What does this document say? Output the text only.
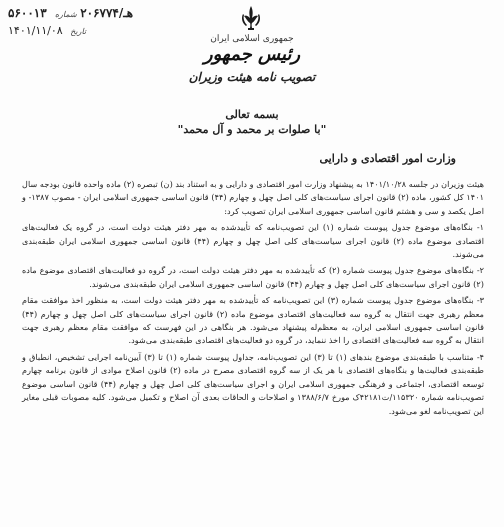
۵۶۰۰۱۳ هـ/۲۰۶۷۷۴ شماره
۱۴۰۱/۱۱/۰۸ تاریخ
جمهوری اسلامی ایران
رئیس جمهور
تصویب نامه هیئت وزیران
بسمه تعالی
"با صلوات بر محمد و آل محمد"
وزارت امور اقتصادی و دارایی

هیئت وزیران در جلسه ۱۴۰۱/۱۰/۲۸ به پیشنهاد وزارت امور اقتصادی و دارایی و به استناد بند (ن) تبصره (۲) ماده واحده قانون بودجه سال ۱۴۰۱ کل کشور، ماده (۲) قانون اجرای سیاست‌های کلی اصل چهل و چهارم (۴۴) قانون اساسی جمهوری اسلامی ایران - مصوب ۱۳۸۷- و اصل یکصد و سی و هشتم قانون اساسی جمهوری اسلامی ایران تصویب کرد:

۱- بنگاه‌های موضوع جدول پیوست شماره (۱) این تصویب‌نامه که تأییدشده به مهر دفتر هیئت دولت است، در گروه یک فعالیت‌های اقتصادی موضوع ماده (۲) قانون اجرای سیاست‌های کلی اصل چهل و چهارم (۴۴) قانون اساسی جمهوری اسلامی ایران طبقه‌بندی می‌شوند.

۲- بنگاه‌های موضوع جدول پیوست شماره (۲) که تأییدشده به مهر دفتر هیئت دولت است، در گروه دو فعالیت‌های اقتصادی موضوع ماده (۲) قانون اجرای سیاست‌های کلی اصل چهل و چهارم (۴۴) قانون اساسی جمهوری اسلامی ایران طبقه‌بندی می‌شوند.

۳- بنگاه‌های موضوع جدول پیوست شماره (۳) این تصویب‌نامه که تأییدشده به مهر دفتر هیئت دولت است، به منظور اخذ موافقت مقام معظم رهبری جهت انتقال به گروه سه فعالیت‌های اقتصادی موضوع ماده (۲) قانون اجرای سیاست‌های کلی اصل چهل و چهارم (۴۴) قانون اساسی جمهوری اسلامی ایران، به معظم‌له پیشنهاد می‌شود. هر بنگاهی در این فهرست که موافقت مقام معظم رهبری جهت انتقال به گروه سه فعالیت‌های اقتصادی را اخذ ننماید، در گروه دو فعالیت‌های اقتصادی طبقه‌بندی می‌شود.

۴- متناسب با طبقه‌بندی موضوع بندهای (۱) تا (۳) این تصویب‌نامه، جداول پیوست شماره (۱) تا (۳) آیین‌نامه اجرایی تشخیص، انطباق و طبقه‌بندی فعالیت‌ها و بنگاه‌های اقتصادی با هر یک از سه گروه اقتصادی مصرح در ماده (۲) قانون اصلاح موادی از قانون برنامه چهارم توسعه اقتصادی، اجتماعی و فرهنگی جمهوری اسلامی ایران و اجرای سیاست‌های کلی اصل چهل و چهارم (۴۴) قانون اساسی موضوع تصویب‌نامه شماره ۱۱۵۳۲۰/ت۴۲۱۸۱ک مورخ ۱۳۸۸/۶/۷ و اصلاحات و الحاقات بعدی آن اصلاح و تکمیل می‌شود. کلیه مصوبات قبلی مغایر این تصویب‌نامه لغو می‌شود.
